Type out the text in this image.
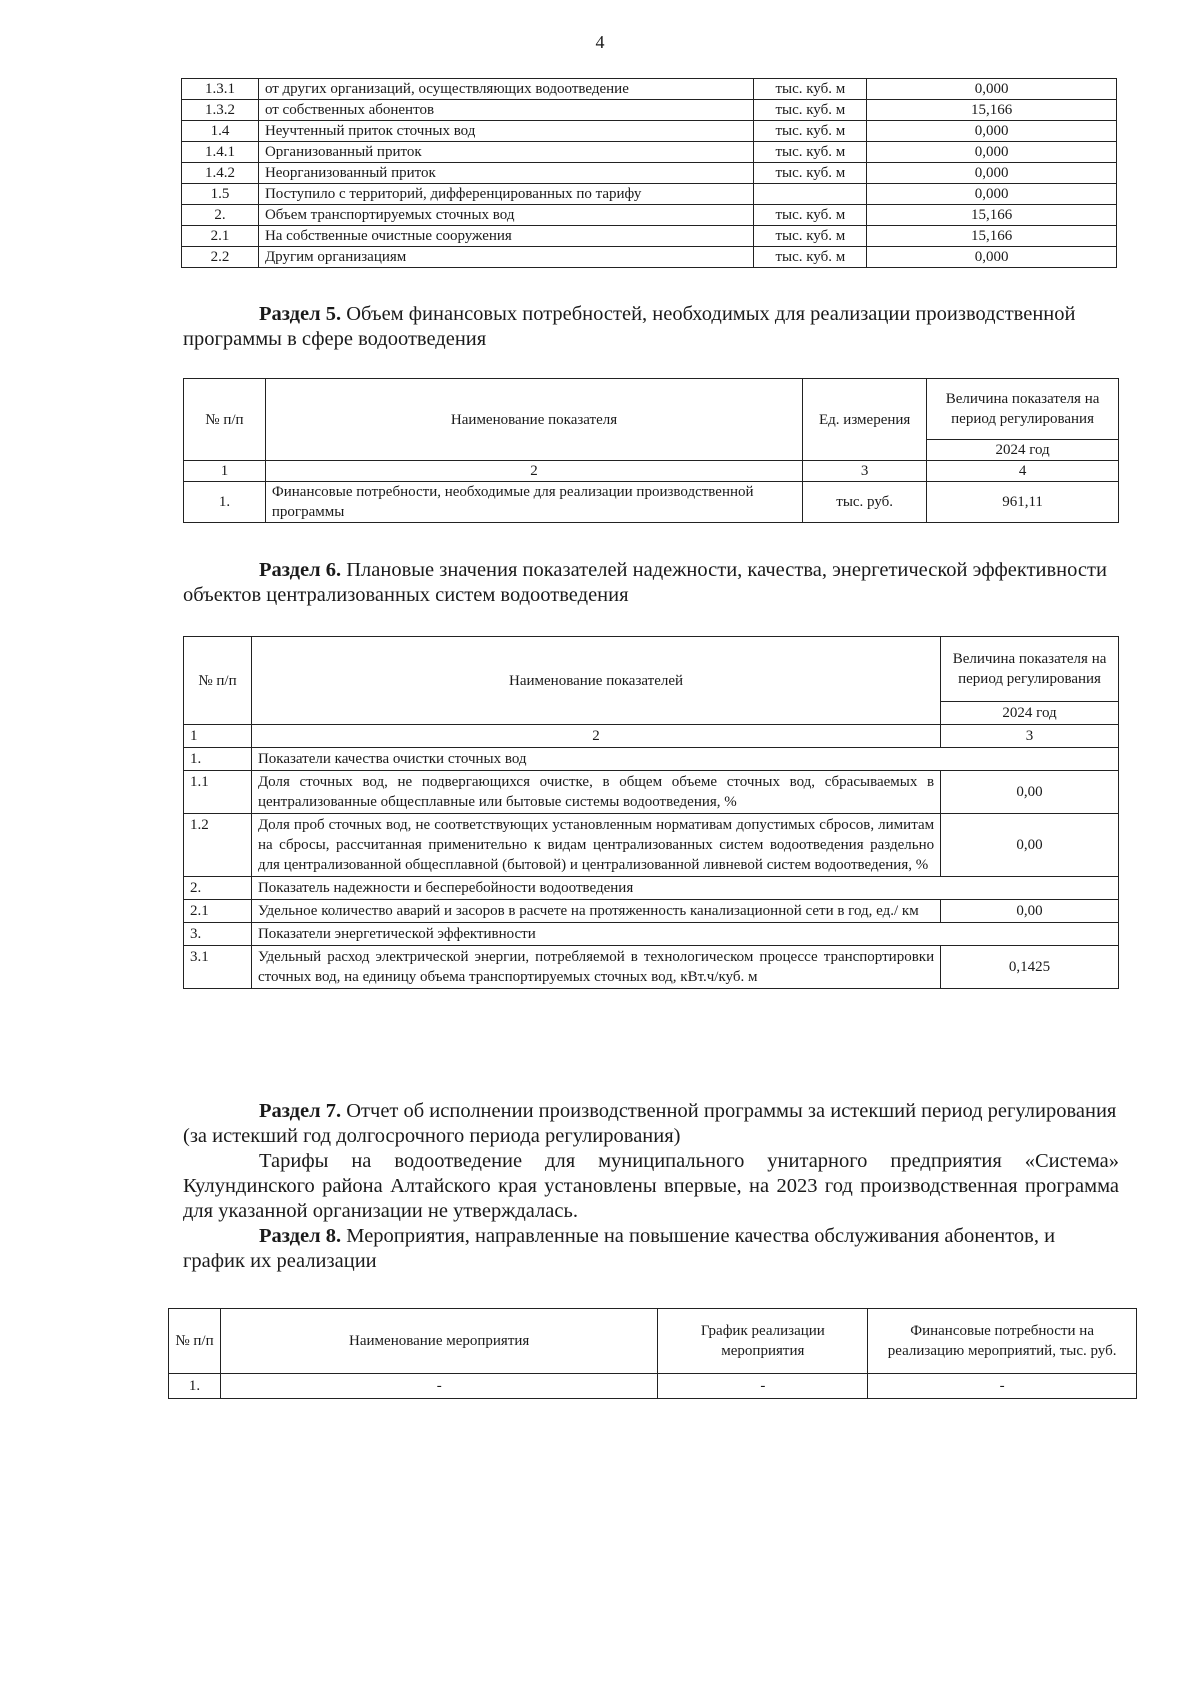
4
1.3.1	от других организаций, осуществляющих водоотведение	тыс. куб. м	0,000
1.3.2	от собственных абонентов	тыс. куб. м	15,166
1.4	Неучтенный приток сточных вод	тыс. куб. м	0,000
1.4.1	Организованный приток	тыс. куб. м	0,000
1.4.2	Неорганизованный приток	тыс. куб. м	0,000
1.5	Поступило с территорий, дифференцированных по тарифу		0,000
2.	Объем транспортируемых сточных вод	тыс. куб. м	15,166
2.1	На собственные очистные сооружения	тыс. куб. м	15,166
2.2	Другим организациям	тыс. куб. м	0,000

Раздел 5. Объем финансовых потребностей, необходимых для реализации производственной программы в сфере водоотведения

№ п/п	Наименование показателя	Ед. измерения	Величина показателя на период регулирования
			2024 год
1	2	3	4
1.	Финансовые потребности, необходимые для реализации производственной программы	тыс. руб.	961,11

Раздел 6. Плановые значения показателей надежности, качества, энергетической эффективности объектов централизованных систем водоотведения

№ п/п	Наименование показателей	Величина показателя на период регулирования
		2024 год
1	2	3
1.	Показатели качества очистки сточных вод	
1.1	Доля сточных вод, не подвергающихся очистке, в общем объеме сточных вод, сбрасываемых в централизованные общесплавные или бытовые системы водоотведения, %	0,00
1.2	Доля проб сточных вод, не соответствующих установленным нормативам допустимых сбросов, лимитам на сбросы, рассчитанная применительно к видам централизованных систем водоотведения раздельно для централизованной общесплавной (бытовой) и централизованной ливневой систем водоотведения, %	0,00
2.	Показатель надежности и бесперебойности водоотведения	
2.1	Удельное количество аварий и засоров в расчете на протяженность канализационной сети в год, ед./ км	0,00
3.	Показатели энергетической эффективности	
3.1	Удельный расход электрической энергии, потребляемой в технологическом процессе транспортировки сточных вод, на единицу объема транспортируемых сточных вод, кВт.ч/куб. м	0,1425

Раздел 7. Отчет об исполнении производственной программы за истекший период регулирования (за истекший год долгосрочного периода регулирования)

Тарифы на водоотведение для муниципального унитарного предприятия «Система» Кулундинского района Алтайского края установлены впервые, на 2023 год производственная программа для указанной организации не утверждалась.

Раздел 8. Мероприятия, направленные на повышение качества обслуживания абонентов, и график их реализации

№ п/п	Наименование мероприятия	График реализации мероприятия	Финансовые потребности на реализацию мероприятий, тыс. руб.
1.	-	-	-
